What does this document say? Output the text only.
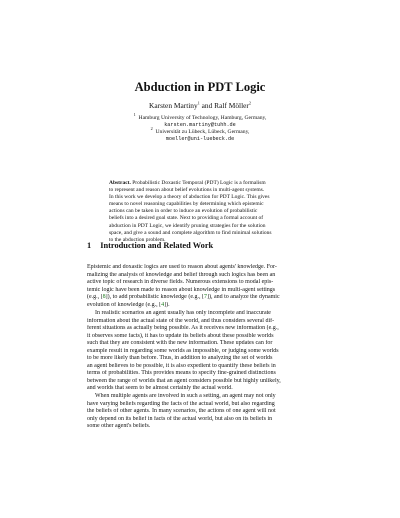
Abduction in PDT Logic
Karsten Martiny$^1$ and Ralf Möller$^2$
$^1$  Hamburg University of Technology, Hamburg, Germany,
karsten.martiny@tuhh.de
$^2$  Universität zu Lübeck, Lübeck, Germany,
moeller@uni-luebeck.de
Abstract. Probabilistic Doxastic Temporal (PDT) Logic is a formalism
to represent and reason about belief evolutions in multi-agent systems.
In this work we develop a theory of abduction for PDT Logic. This gives
means to novel reasoning capabilities by determining which epistemic
actions can be taken in order to induce an evolution of probabilistic
beliefs into a desired goal state. Next to providing a formal account of
abduction in PDT Logic, we identify pruning strategies for the solution
space, and give a sound and complete algorithm to find minimal solutions
to the abduction problem.
1 Introduction and Related Work
Epistemic and doxastic logics are used to reason about agents' knowledge. For-
malizing the analysis of knowledge and belief through such logics has been an
active topic of research in diverse fields. Numerous extensions to modal epis-
temic logic have been made to reason about knowledge in multi-agent settings
(e.g., [8]), to add probabilistic knowledge (e.g., [7]), and to analyze the dynamic
evolution of knowledge (e.g., [4]).
In realistic scenarios an agent usually has only incomplete and inaccurate
information about the actual state of the world, and thus considers several dif-
ferent situations as actually being possible. As it receives new information (e.g.,
it observes some facts), it has to update its beliefs about these possible worlds
such that they are consistent with the new information. These updates can for
example result in regarding some worlds as impossible, or judging some worlds
to be more likely than before. Thus, in addition to analyzing the set of worlds
an agent believes to be possible, it is also expedient to quantify these beliefs in
terms of probabilities. This provides means to specify fine-grained distinctions
between the range of worlds that an agent considers possible but highly unlikely,
and worlds that seem to be almost certainly the actual world.
When multiple agents are involved in such a setting, an agent may not only
have varying beliefs regarding the facts of the actual world, but also regarding
the beliefs of other agents. In many scenarios, the actions of one agent will not
only depend on its belief in facts of the actual world, but also on its beliefs in
some other agent's beliefs.
